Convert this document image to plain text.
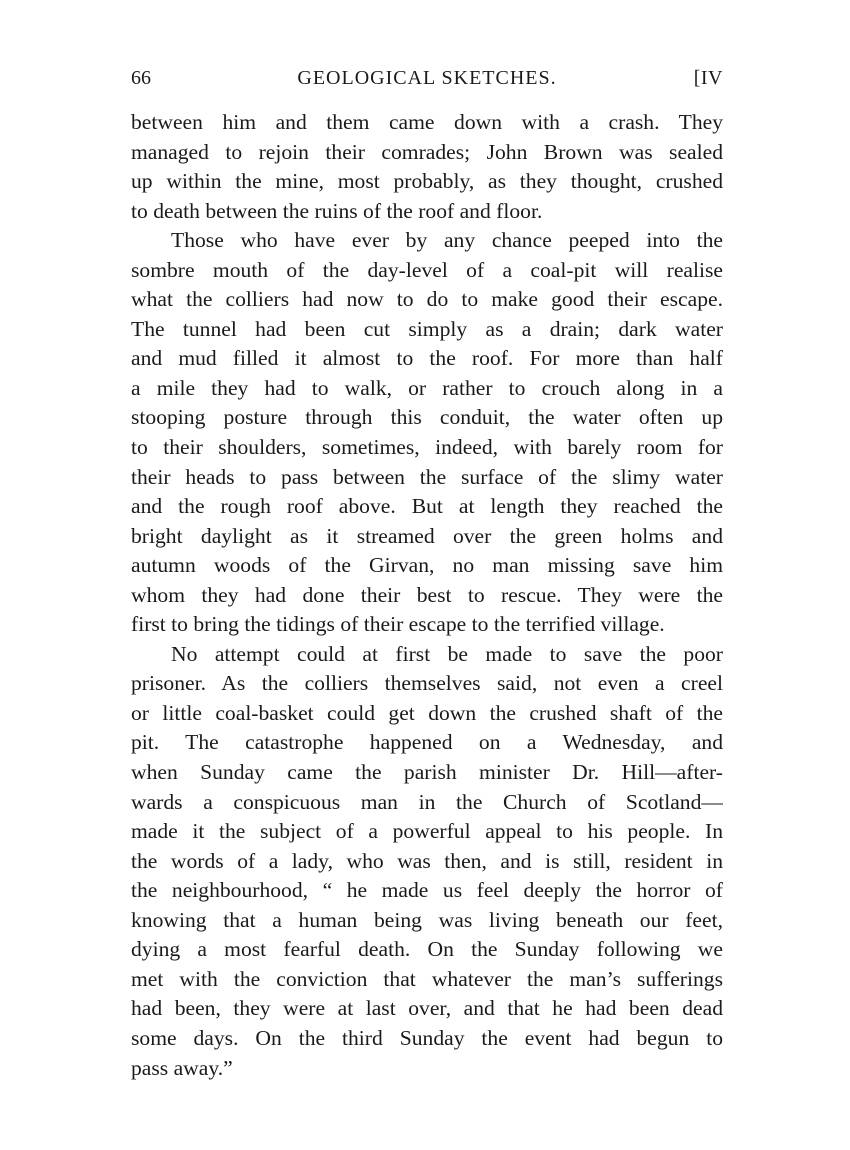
66	GEOLOGICAL SKETCHES.	[IV
between him and them came down with a crash. They
managed to rejoin their comrades; John Brown was sealed
up within the mine, most probably, as they thought, crushed
to death between the ruins of the roof and floor.
Those who have ever by any chance peeped into the
sombre mouth of the day-level of a coal-pit will realise
what the colliers had now to do to make good their escape.
The tunnel had been cut simply as a drain; dark water
and mud filled it almost to the roof. For more than half
a mile they had to walk, or rather to crouch along in a
stooping posture through this conduit, the water often up
to their shoulders, sometimes, indeed, with barely room for
their heads to pass between the surface of the slimy water
and the rough roof above. But at length they reached the
bright daylight as it streamed over the green holms and
autumn woods of the Girvan, no man missing save him
whom they had done their best to rescue. They were the
first to bring the tidings of their escape to the terrified village.
No attempt could at first be made to save the poor
prisoner. As the colliers themselves said, not even a creel
or little coal-basket could get down the crushed shaft of the
pit. The catastrophe happened on a Wednesday, and
when Sunday came the parish minister Dr. Hill—after-
wards a conspicuous man in the Church of Scotland—
made it the subject of a powerful appeal to his people. In
the words of a lady, who was then, and is still, resident in
the neighbourhood, “ he made us feel deeply the horror of
knowing that a human being was living beneath our feet,
dying a most fearful death. On the Sunday following we
met with the conviction that whatever the man’s sufferings
had been, they were at last over, and that he had been dead
some days. On the third Sunday the event had begun to
pass away.”
